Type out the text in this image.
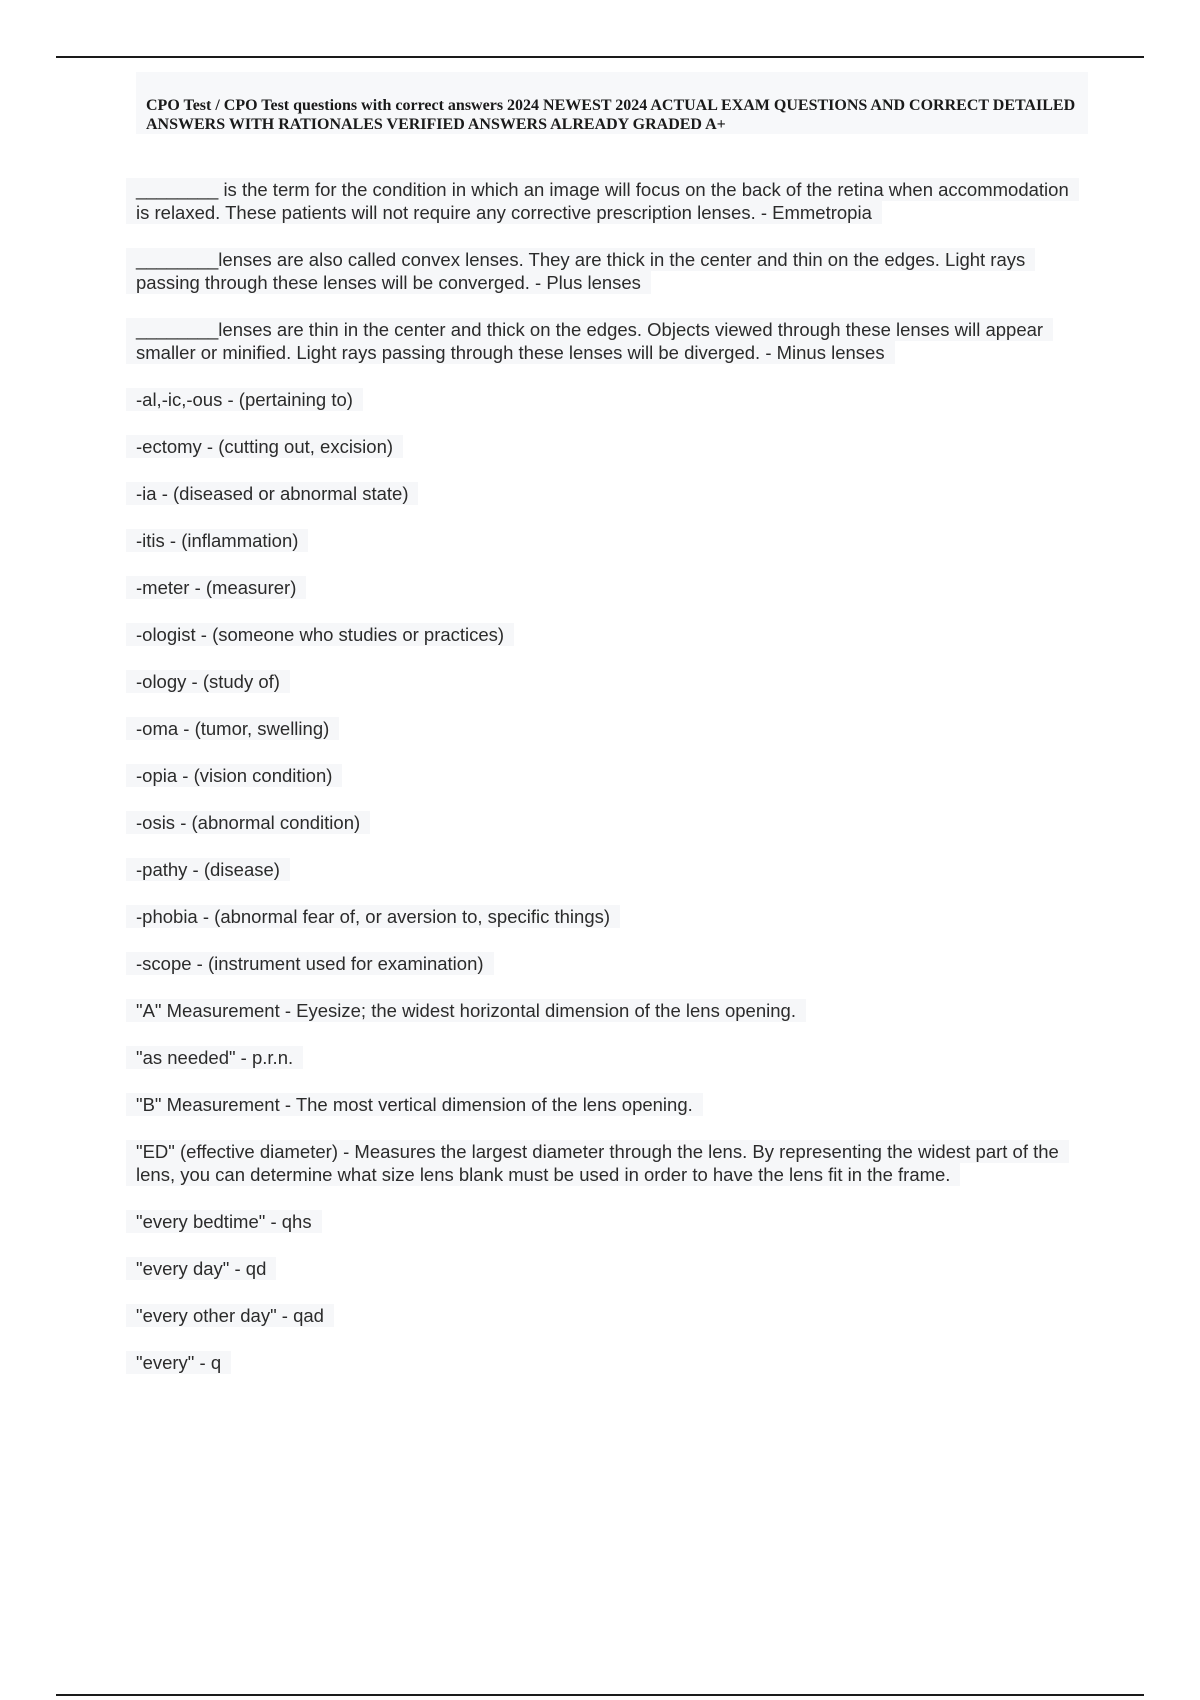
CPO Test / CPO Test questions with correct answers 2024 NEWEST 2024 ACTUAL EXAM QUESTIONS AND CORRECT DETAILED ANSWERS WITH RATIONALES VERIFIED ANSWERS ALREADY GRADED A+

________ is the term for the condition in which an image will focus on the back of the retina when accommodation is relaxed. These patients will not require any corrective prescription lenses. - Emmetropia
________lenses are also called convex lenses. They are thick in the center and thin on the edges. Light rays passing through these lenses will be converged. - Plus lenses
________lenses are thin in the center and thick on the edges. Objects viewed through these lenses will appear smaller or minified. Light rays passing through these lenses will be diverged. - Minus lenses
-al,-ic,-ous - (pertaining to)
-ectomy - (cutting out, excision)
-ia - (diseased or abnormal state)
-itis - (inflammation)
-meter - (measurer)
-ologist - (someone who studies or practices)
-ology - (study of)
-oma - (tumor, swelling)
-opia - (vision condition)
-osis - (abnormal condition)
-pathy - (disease)
-phobia - (abnormal fear of, or aversion to, specific things)
-scope - (instrument used for examination)
"A" Measurement - Eyesize; the widest horizontal dimension of the lens opening.
"as needed" - p.r.n.
"B" Measurement - The most vertical dimension of the lens opening.
"ED" (effective diameter) - Measures the largest diameter through the lens. By representing the widest part of the lens, you can determine what size lens blank must be used in order to have the lens fit in the frame.
"every bedtime" - qhs
"every day" - qd
"every other day" - qad
"every" - q
